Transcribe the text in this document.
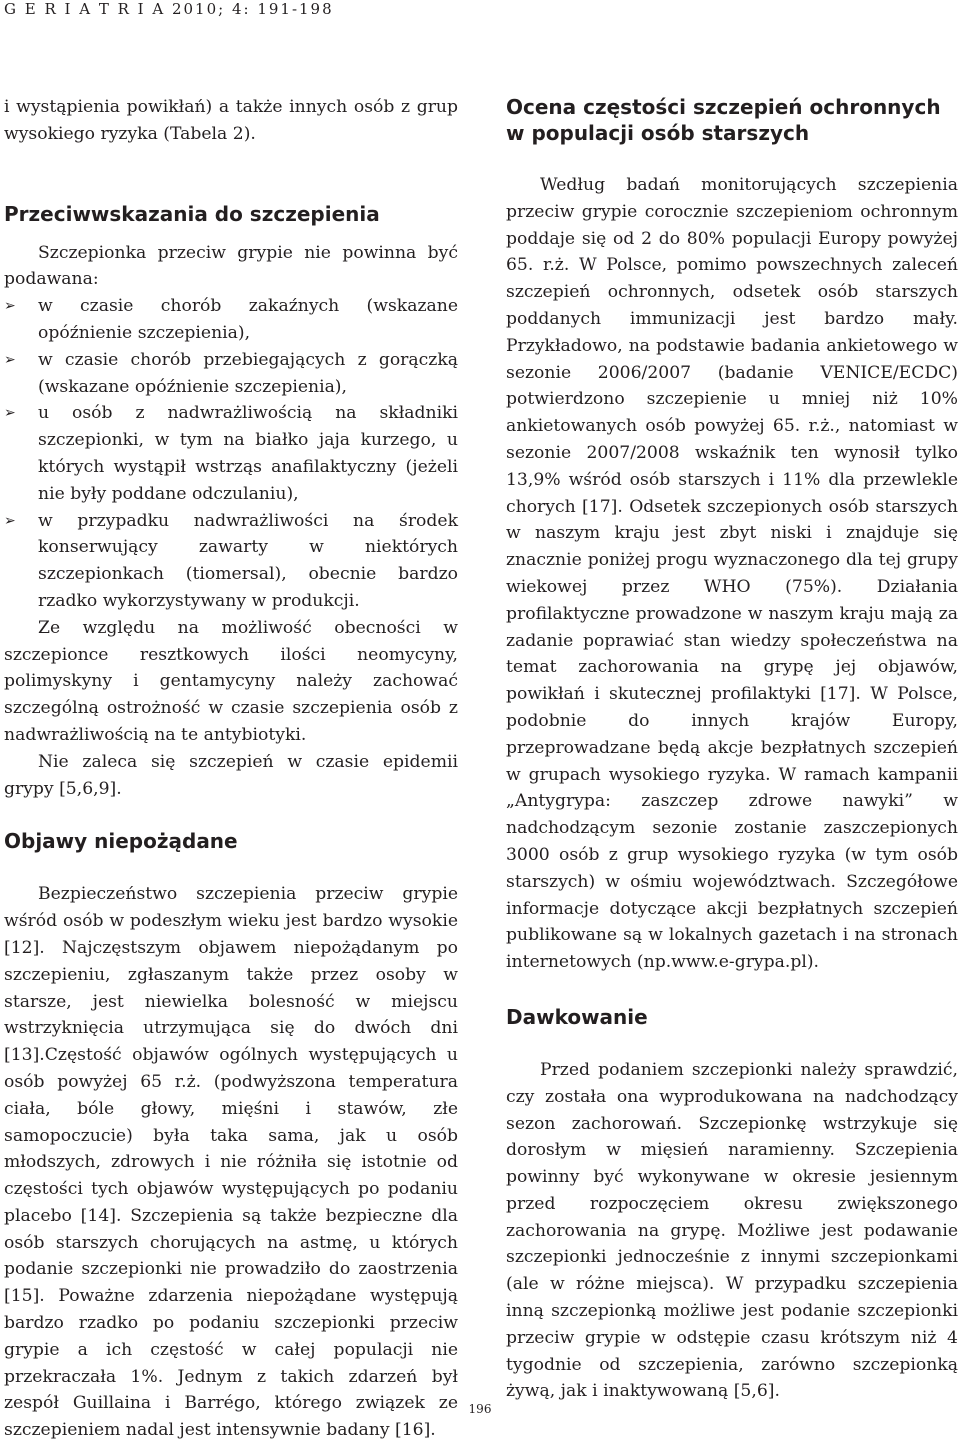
G E R I A T R I A 2010; 4: 191-198

i wystąpienia powikłań) a także innych osób z grup wysokiego ryzyka (Tabela 2).

Przeciwwskazania do szczepienia

Szczepionka przeciw grypie nie powinna być podawana:

➢ w czasie chorób zakaźnych (wskazane opóźnienie szczepienia),
➢ w czasie chorób przebiegających z gorączką (wskazane opóźnienie szczepienia),
➢ u osób z nadwrażliwością na składniki szczepionki, w tym na białko jaja kurzego, u których wystąpił wstrząs anafilaktyczny (jeżeli nie były poddane odczulaniu),
➢ w przypadku nadwrażliwości na środek konserwujący zawarty w niektórych szczepionkach (tiomersal), obecnie bardzo rzadko wykorzystywany w produkcji.

Ze względu na możliwość obecności w szczepionce resztkowych ilości neomycyny, polimyskyny i gentamycyny należy zachować szczególną ostrożność w czasie szczepienia osób z nadwrażliwością na te antybiotyki.

Nie zaleca się szczepień w czasie epidemii grypy [5,6,9].

Objawy niepożądane

Bezpieczeństwo szczepienia przeciw grypie wśród osób w podeszłym wieku jest bardzo wysokie [12]. Najczęstszym objawem niepożądanym po szczepieniu, zgłaszanym także przez osoby w starsze, jest niewielka bolesność w miejscu wstrzyknięcia utrzymująca się do dwóch dni [13].Częstość objawów ogólnych występujących u osób powyżej 65 r.ż. (podwyższona temperatura ciała, bóle głowy, mięśni i stawów, złe samopoczucie) była taka sama, jak u osób młodszych, zdrowych i nie różniła się istotnie od częstości tych objawów występujących po podaniu placebo [14]. Szczepienia są także bezpieczne dla osób starszych chorujących na astmę, u których podanie szczepionki nie prowadziło do zaostrzenia [15]. Poważne zdarzenia niepożądane występują bardzo rzadko po podaniu szczepionki przeciw grypie a ich częstość w całej populacji nie przekraczała 1%. Jednym z takich zdarzeń był zespół Guillaina i Barrégo, którego związek ze szczepieniem nadal jest intensywnie badany [16].

Ocena częstości szczepień ochronnych w populacji osób starszych

Według badań monitorujących szczepienia przeciw grypie corocznie szczepieniom ochronnym poddaje się od 2 do 80% populacji Europy powyżej 65. r.ż. W Polsce, pomimo powszechnych zaleceń szczepień ochronnych, odsetek osób starszych poddanych immunizacji jest bardzo mały. Przykładowo, na podstawie badania ankietowego w sezonie 2006/2007 (badanie VENICE/ECDC) potwierdzono szczepienie u mniej niż 10% ankietowanych osób powyżej 65. r.ż., natomiast w sezonie 2007/2008 wskaźnik ten wynosił tylko 13,9% wśród osób starszych i 11% dla przewlekle chorych [17]. Odsetek szczepionych osób starszych w naszym kraju jest zbyt niski i znajduje się znacznie poniżej progu wyznaczonego dla tej grupy wiekowej przez WHO (75%). Działania profilaktyczne prowadzone w naszym kraju mają za zadanie poprawiać stan wiedzy społeczeństwa na temat zachorowania na grypę jej objawów, powikłań i skutecznej profilaktyki [17]. W Polsce, podobnie do innych krajów Europy, przeprowadzane będą akcje bezpłatnych szczepień w grupach wysokiego ryzyka. W ramach kampanii „Antygrypa: zaszczep zdrowe nawyki” w nadchodzącym sezonie zostanie zaszczepionych 3000 osób z grup wysokiego ryzyka (w tym osób starszych) w ośmiu województwach. Szczegółowe informacje dotyczące akcji bezpłatnych szczepień publikowane są w lokalnych gazetach i na stronach internetowych (np.www.e-grypa.pl).

Dawkowanie

Przed podaniem szczepionki należy sprawdzić, czy została ona wyprodukowana na nadchodzący sezon zachorowań. Szczepionkę wstrzykuje się dorosłym w mięsień naramienny. Szczepienia powinny być wykonywane w okresie jesiennym przed rozpoczęciem okresu zwiększonego zachorowania na grypę. Możliwe jest podawanie szczepionki jednocześnie z innymi szczepionkami (ale w różne miejsca). W przypadku szczepienia inną szczepionką możliwe jest podanie szczepionki przeciw grypie w odstępie czasu krótszym niż 4 tygodnie od szczepienia, zarówno szczepionką żywą, jak i inaktywowaną [5,6].

196
